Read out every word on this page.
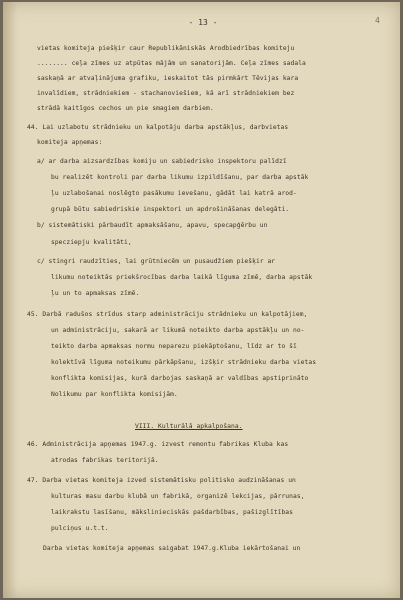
- 13 -	4
vietas komiteja piešķir caur Republikāniskās Arodbiedrības komiteju
........ ceļa zīmes uz atpūtas mājām un sanatorijām. Ceļa zīmes sadala
saskaņā ar atvaļinājuma grafiku, ieskaitot tās pirmkārt Tēvijas kara
invalīdiem, strādniekiem - stachanoviešiem, kā arī strādniekiem bez
strādā kaitīgos cechos un pie smagiem darbiem.
44. Lai uzlabotu strādnieku un kalpotāju darba apstākļus, darbvietas
komiteja apņemas:
a/ ar darba aizsardzības komiju un sabiedrisko inspektoru palīdzī
bu realizēt kontroli par darba likumu izpildīšanu, par darba apstāk
ļu uzlabošanai noslēgto pasākumu ievešanu, gādāt lai katrā arod-
grupā būtu sabiedriskie inspektori un apdrošināšanas delegāti.
b/ sistemātiski pārbaudīt apmaksāšanu, apavu, specapģērbu un
specziepju kvalitāti,
c/ stingri raudzīties, lai grūtniecēm un pusaudžiem piešķir ar
likumu noteiktās priekšrocības darba laikā līguma zīmē, darba apstāk
ļu un to apmaksas zīmē.
45. Darbā radušos strīdus starp administrāciju strādnieku un kalpotājiem,
un administrāciju, sakarā ar likumā noteikto darba apstākļu un no-
teikto darba apmaksas normu neparezu piekāptošanu, līdz ar to šī
kolektīvā līguma noteikumu pārkāpšanu, izšķir strādnieku darba vietas
konflikta komisijas, kurā darbojas saskaņā ar valdības apstiprināto
Nolikumu par konflikta komisijām.
VIII. Kulturālā apkalpošana.
46. Administrācija apņemas 1947.g. izvest remontu fabrikas Kluba kas
atrodas fabrikas teritorijā.
47. Darba vietas komiteja izved sistemātisku politisko audzināšanas un
kulturas masu darbu klubā un fabrikā, organizē lekcijas, pārrunas,
laikrakstu lasīšanu, mākslinieciskās pašdarbības, pašizglītības
pulciņus u.t.t.
Darba vietas komiteja apņemas saigabat 1947.g.Kluba iekārtošanai un
